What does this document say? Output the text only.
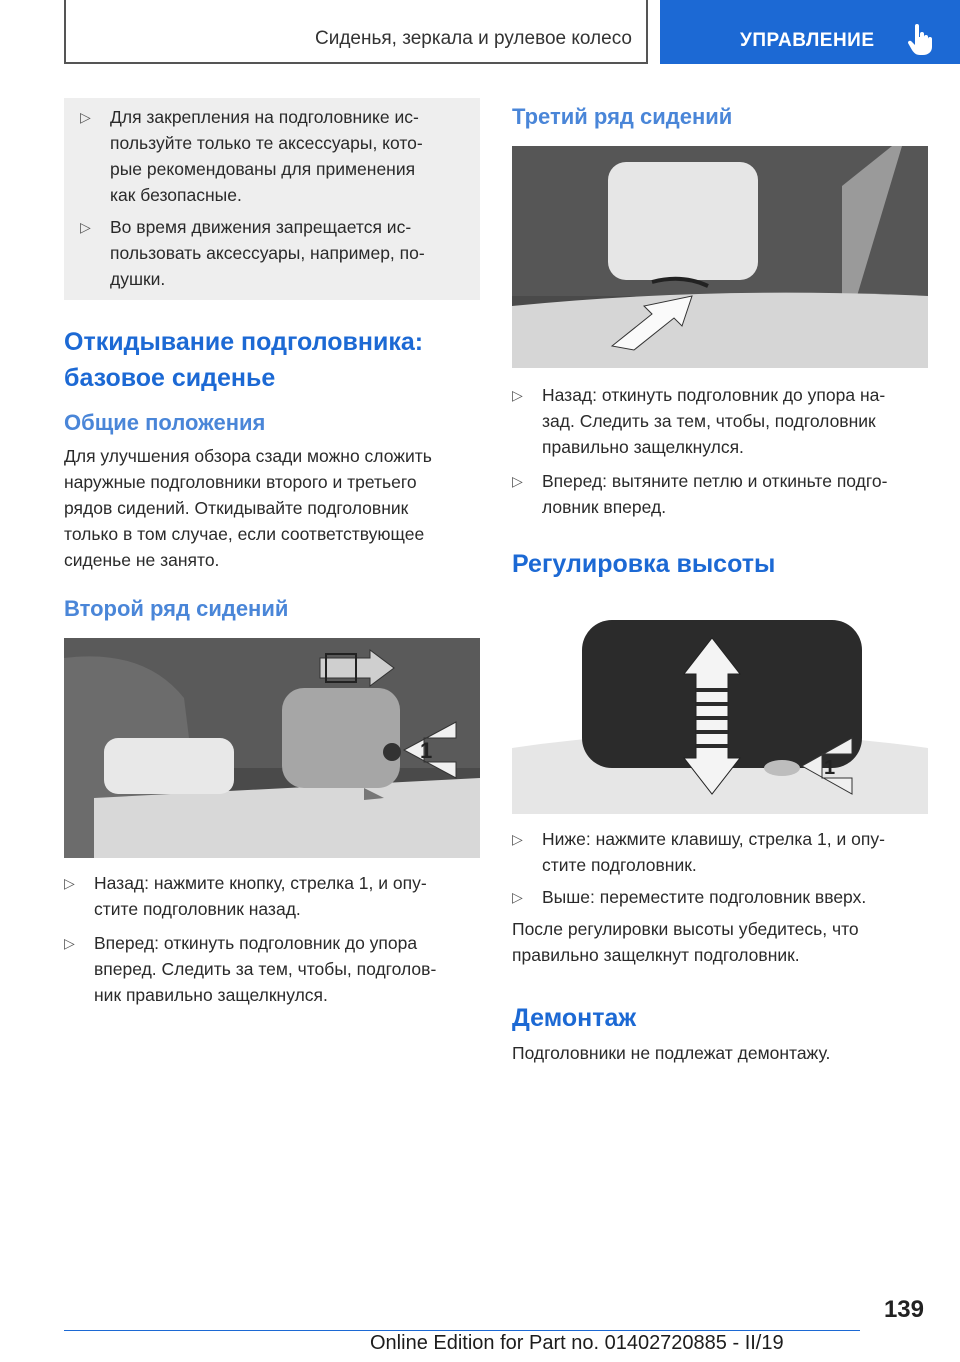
Сиденья, зеркала и рулевое колесо	УПРАВЛЕНИЕ
▷ Для закрепления на подголовнике ис-
пользуйте только те аксессуары, кото-
рые рекомендованы для применения
как безопасные.
▷ Во время движения запрещается ис-
пользовать аксессуары, например, по-
душки.
Откидывание подголовника:
базовое сиденье
Общие положения
Для улучшения обзора сзади можно сложить
наружные подголовники второго и третьего
рядов сидений. Откидывайте подголовник
только в том случае, если соответствующее
сиденье не занято.
Второй ряд сидений
1
▷ Назад: нажмите кнопку, стрелка 1, и опу-
стите подголовник назад.
▷ Вперед: откинуть подголовник до упора
вперед. Следить за тем, чтобы, подголов-
ник правильно защелкнулся.
Третий ряд сидений
▷ Назад: откинуть подголовник до упора на-
зад. Следить за тем, чтобы, подголовник
правильно защелкнулся.
▷ Вперед: вытяните петлю и откиньте подго-
ловник вперед.
Регулировка высоты
1
▷ Ниже: нажмите клавишу, стрелка 1, и опу-
стите подголовник.
▷ Выше: переместите подголовник вверх.
После регулировки высоты убедитесь, что
правильно защелкнут подголовник.
Демонтаж
Подголовники не подлежат демонтажу.
139
Online Edition for Part no. 01402720885 - II/19
